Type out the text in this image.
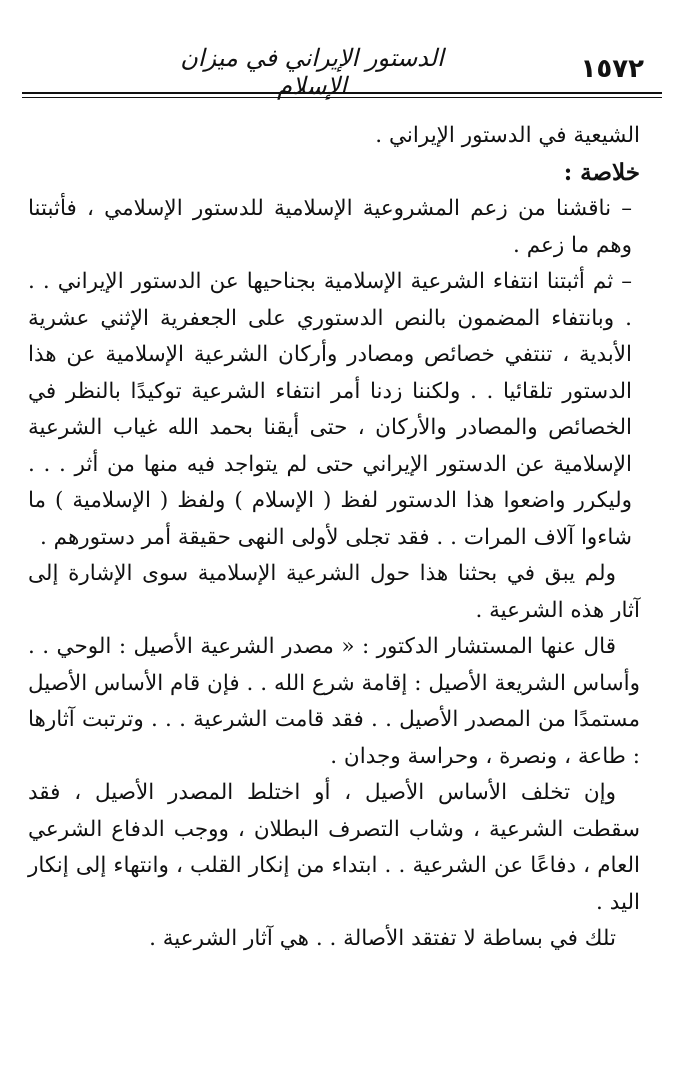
١٥٧٢
الدستور الإيراني في ميزان الإسلام

الشيعية في الدستور الإيراني .

خلاصة :

– ناقشنا من زعم المشروعية الإسلامية للدستور الإسلامي ، فأثبتنا وهم ما زعم .

– ثم أثبتنا انتفاء الشرعية الإسلامية بجناحيها عن الدستور الإيراني . . . وبانتفاء المضمون بالنص الدستوري على الجعفرية الإثني عشرية الأبدية ، تنتفي خصائص ومصادر وأركان الشرعية الإسلامية عن هذا الدستور تلقائيا . . ولكننا زدنا أمر انتفاء الشرعية توكيدًا بالنظر في الخصائص والمصادر والأركان ، حتى أيقنا بحمد الله غياب الشرعية الإسلامية عن الدستور الإيراني حتى لم يتواجد فيه منها من أثر . . . وليكرر واضعوا هذا الدستور لفظ ( الإسلام ) ولفظ ( الإسلامية ) ما شاءوا آلاف المرات . . فقد تجلى لأولى النهى حقيقة أمر دستورهم .

ولم يبق في بحثنا هذا حول الشرعية الإسلامية سوى الإشارة إلى آثار هذه الشرعية .

قال عنها المستشار الدكتور : « مصدر الشرعية الأصيل : الوحي . . وأساس الشريعة الأصيل : إقامة شرع الله . . فإن قام الأساس الأصيل مستمدًا من المصدر الأصيل . . فقد قامت الشرعية . . . وترتبت آثارها : طاعة ، ونصرة ، وحراسة وجدان .

وإن تخلف الأساس الأصيل ، أو اختلط المصدر الأصيل ، فقد سقطت الشرعية ، وشاب التصرف البطلان ، ووجب الدفاع الشرعي العام ، دفاعًا عن الشرعية . . ابتداء من إنكار القلب ، وانتهاء إلى إنكار اليد .

تلك في بساطة لا تفتقد الأصالة . . هي آثار الشرعية .
